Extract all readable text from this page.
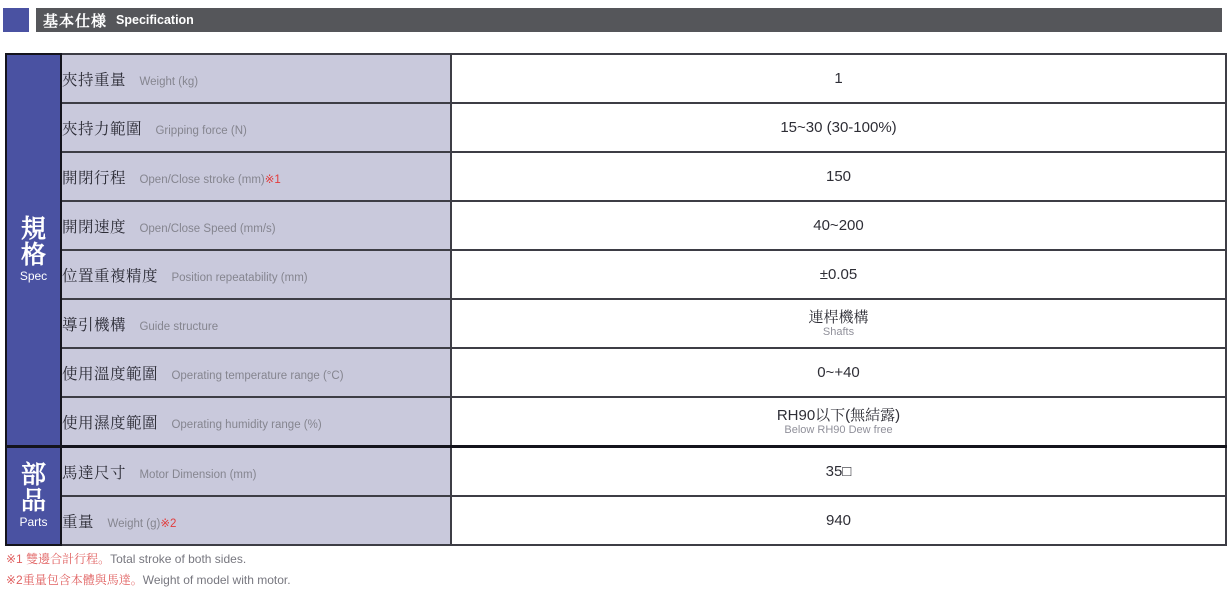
基本仕様 Specification
規格
Spec	夾持重量 Weight (kg)	1

	夾持力範圍 Gripping force (N)	15~30 (30-100%)

	開閉行程 Open/Close stroke (mm)※1	150

	開閉速度 Open/Close Speed (mm/s)	40~200

	位置重複精度 Position repeatability (mm)	±0.05

	導引機構 Guide structure	連桿機構
Shafts

	使用溫度範圍 Operating temperature range (°C)	0~+40

	使用濕度範圍 Operating humidity range (%)	RH90以下(無結露)
Below RH90 Dew free

部品
Parts	馬達尺寸 Motor Dimension (mm)	35□

	重量 Weight (g)※2	940
※1 雙邊合計行程。Total stroke of both sides.
※2重量包含本體與馬達。Weight of model with motor.
